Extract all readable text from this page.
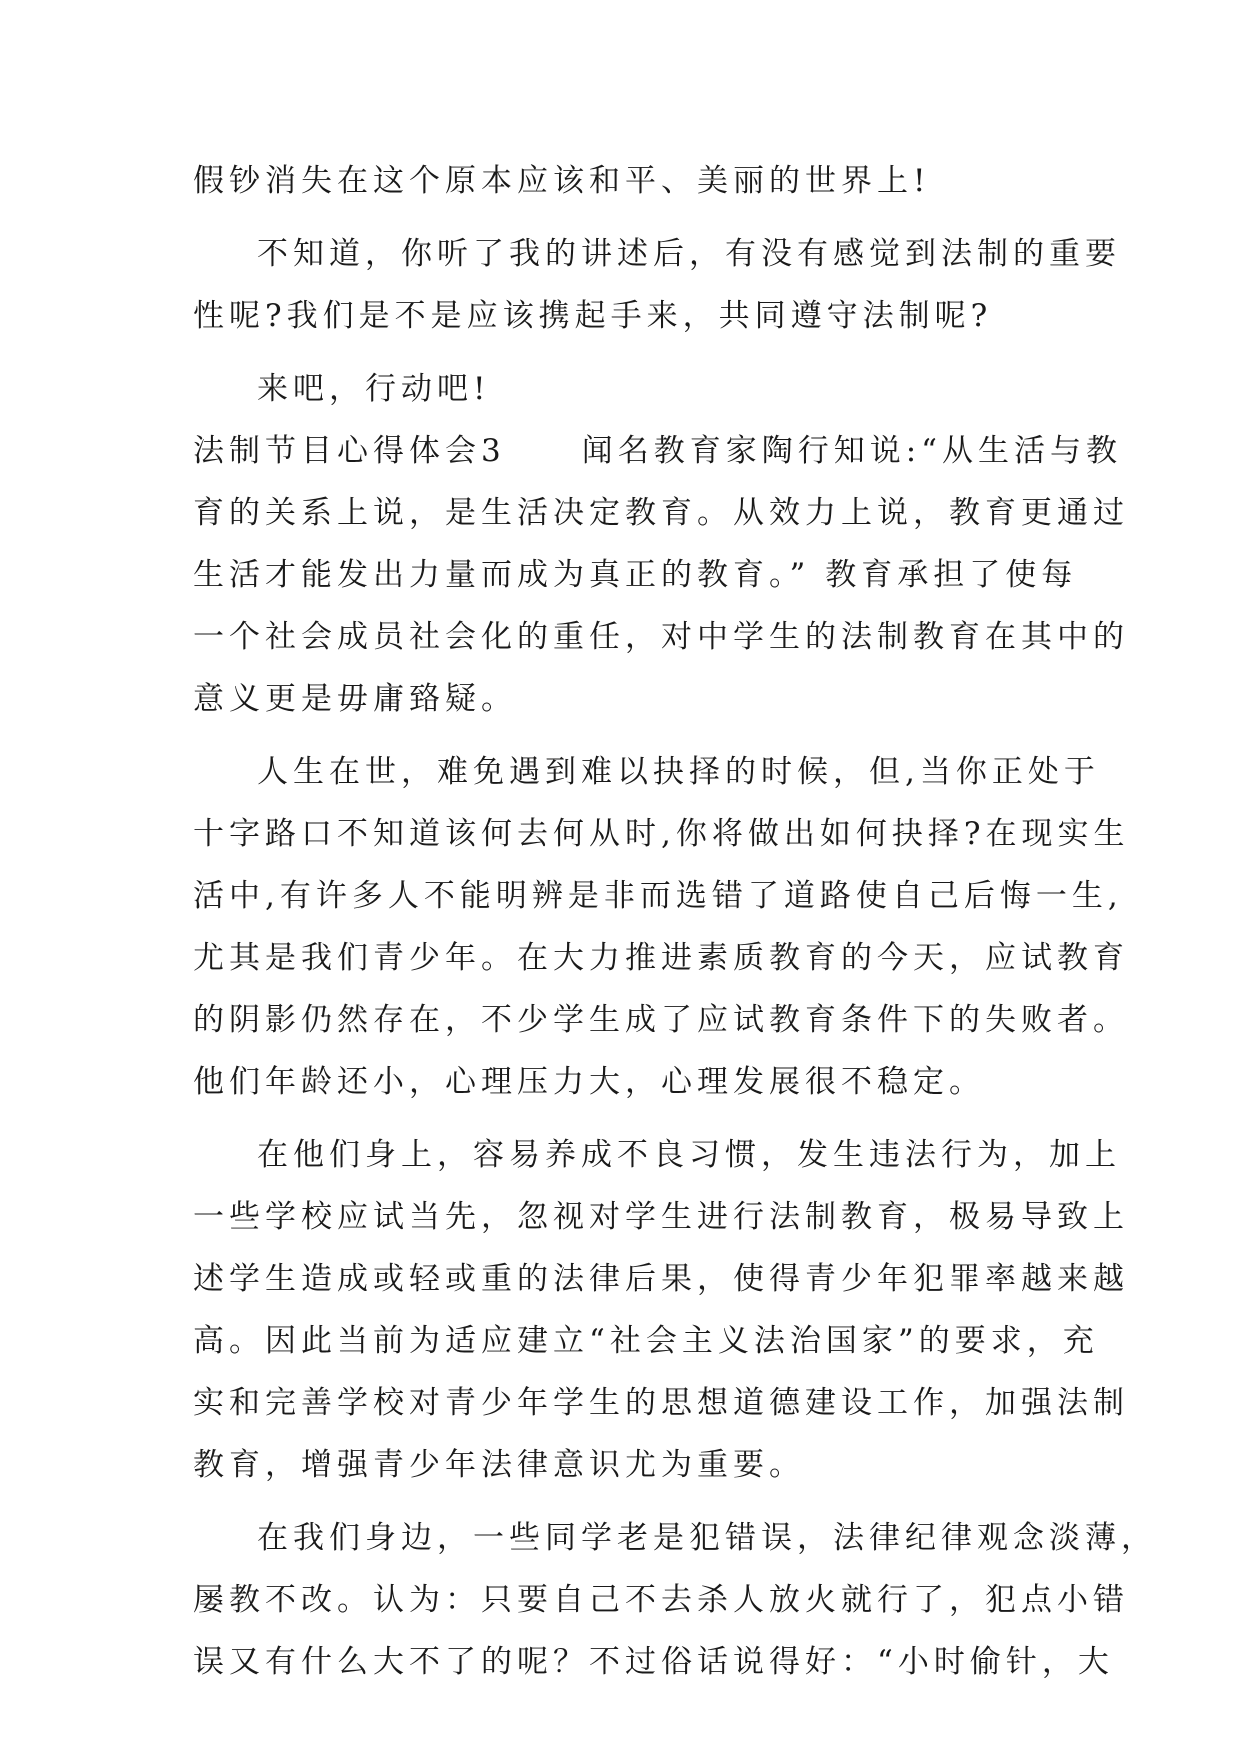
假钞消失在这个原本应该和平、美丽的世界上!
不知道，你听了我的讲述后，有没有感觉到法制的重要
性呢?我们是不是应该携起手来，共同遵守法制呢?
来吧，行动吧!
法制节目心得体会3 闻名教育家陶行知说:“从生活与教
育的关系上说，是生活决定教育。从效力上说，教育更通过
生活才能发出力量而成为真正的教育。” 教育承担了使每
一个社会成员社会化的重任，对中学生的法制教育在其中的
意义更是毋庸臵疑。
人生在世，难免遇到难以抉择的时候，但,当你正处于
十字路口不知道该何去何从时,你将做出如何抉择?在现实生
活中,有许多人不能明辨是非而选错了道路使自己后悔一生,
尤其是我们青少年。在大力推进素质教育的今天，应试教育
的阴影仍然存在，不少学生成了应试教育条件下的失败者。
他们年龄还小，心理压力大，心理发展很不稳定。
在他们身上，容易养成不良习惯，发生违法行为，加上
一些学校应试当先，忽视对学生进行法制教育，极易导致上
述学生造成或轻或重的法律后果，使得青少年犯罪率越来越
高。因此当前为适应建立“社会主义法治国家”的要求，充
实和完善学校对青少年学生的思想道德建设工作，加强法制
教育，增强青少年法律意识尤为重要。
在我们身边，一些同学老是犯错误，法律纪律观念淡薄，
屡教不改。认为：只要自己不去杀人放火就行了，犯点小错
误又有什么大不了的呢？不过俗话说得好：“小时偷针，大
